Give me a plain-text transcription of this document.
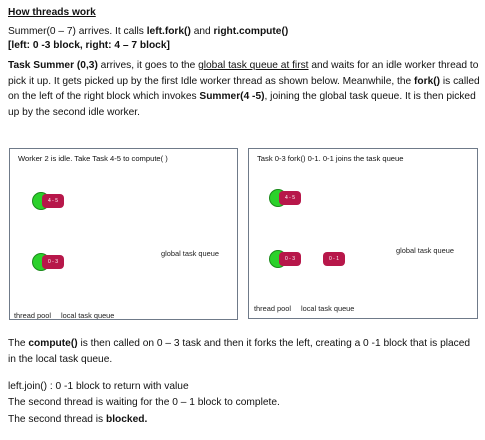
How threads work
Summer(0 – 7) arrives. It calls left.fork() and right.compute()
[left: 0 -3 block, right: 4 – 7 block]
Task Summer (0,3) arrives, it goes to the global task queue at first and waits for an idle worker thread to pick it up. It gets picked up by the first Idle worker thread as shown below. Meanwhile, the fork() is called on the left of the right block which invokes Summer(4 -5), joining the global task queue. It is then picked up by the second idle worker.
Worker 2 is idle. Take Task 4-5 to compute( )
4 - 5
0 - 3
global task queue
thread pool local task queue
Task 0-3 fork() 0-1. 0-1 joins the task queue
4 - 5
0 - 3	0 - 1
global task queue
thread pool local task queue
The compute() is then called on 0 – 3 task and then it forks the left, creating a 0 -1 block that is placed in the local task queue.
left.join() : 0 -1 block to return with value
The second thread is waiting for the 0 – 1 block to complete.
The second thread is blocked.
